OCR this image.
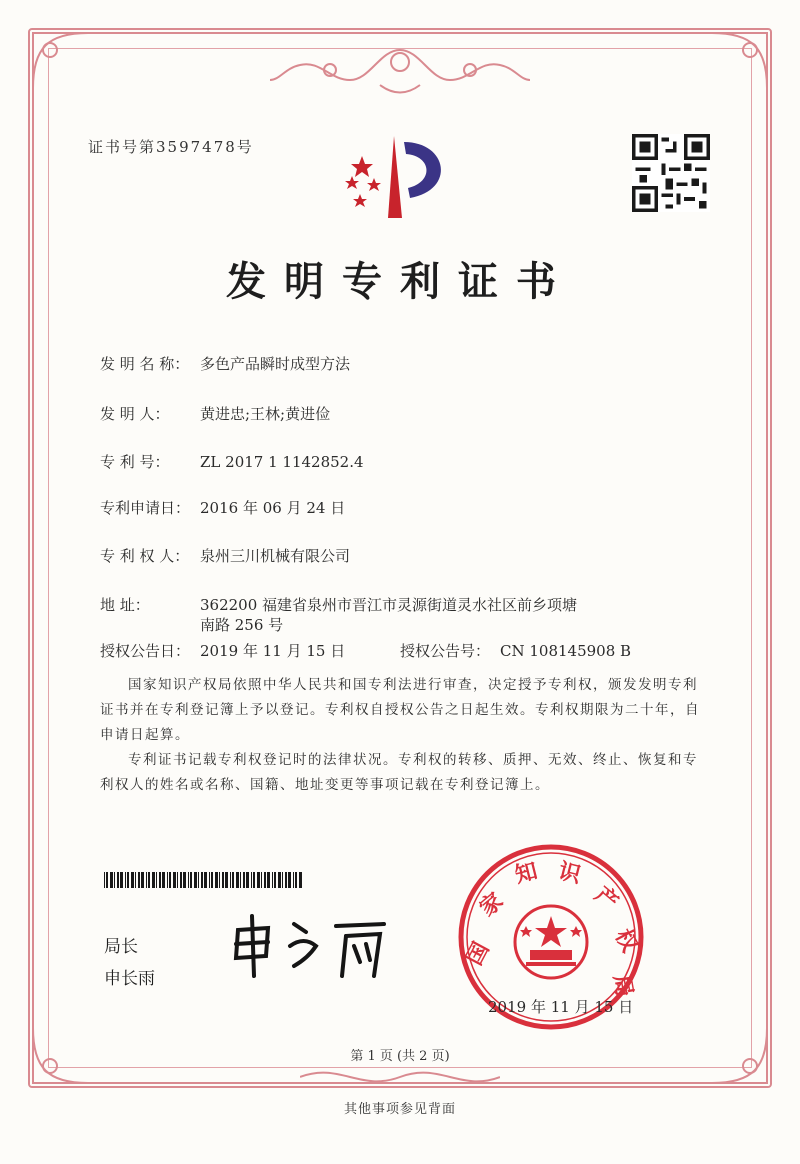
证书号第3597478号
发明专利证书
发 明 名 称： 多色产品瞬时成型方法
发 明 人： 黄进忠;王林;黄进俭
专 利 号： ZL 2017 1 1142852.4
专利申请日： 2016 年 06 月 24 日
专 利 权 人： 泉州三川机械有限公司
地 址：	362200 福建省泉州市晋江市灵源街道灵水社区前乡项塘
南路 256 号
授权公告日： 2019 年 11 月 15 日	授权公告号： CN 108145908 B
国家知识产权局依照中华人民共和国专利法进行审查，决定授予专利权，颁发发明专利
证书并在专利登记簿上予以登记。专利权自授权公告之日起生效。专利权期限为二十年，自
申请日起算。
专利证书记载专利权登记时的法律状况。专利权的转移、质押、无效、终止、恢复和专
利权人的姓名或名称、国籍、地址变更等事项记载在专利登记簿上。
局长
申长雨
国
家
知 识
产
权
局
2019 年 11 月 15 日
第 1 页 (共 2 页)
其他事项参见背面
